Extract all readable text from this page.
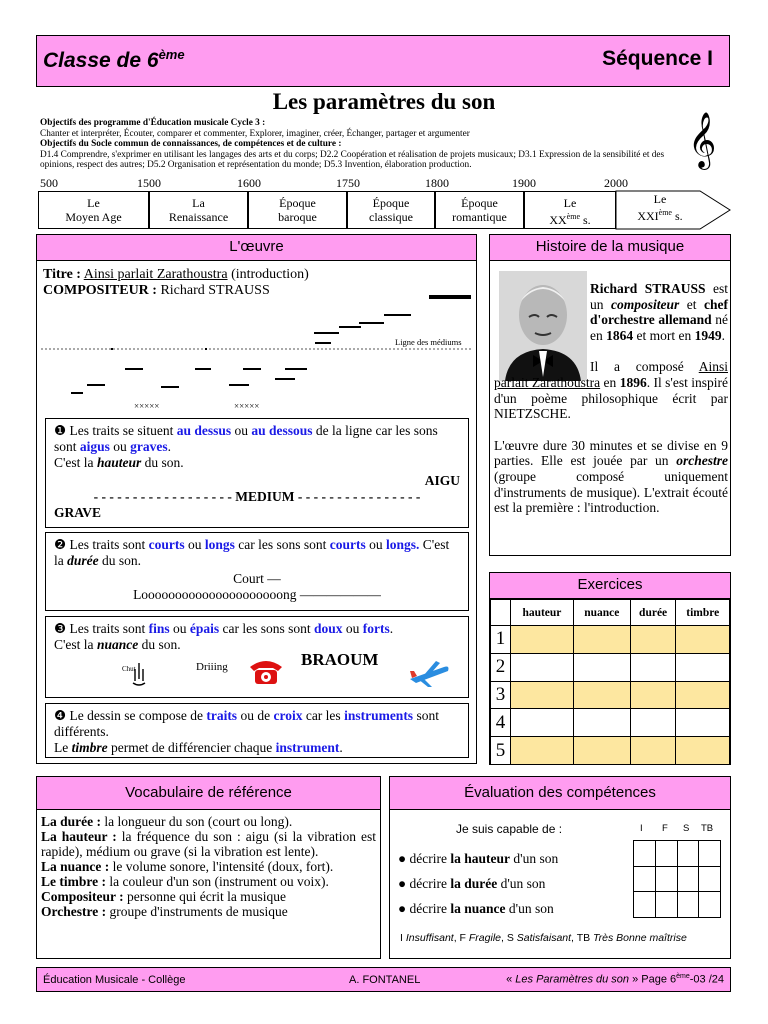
Classe de 6ème	Séquence I
Les paramètres du son
Objectifs des programme d'Éducation musicale Cycle 3 :
Chanter et interpréter, Écouter, comparer et commenter, Explorer, imaginer, créer, Échanger, partager et argumenter
Objectifs du Socle commun de connaissances, de compétences et de culture :
D1.4 Comprendre, s'exprimer en utilisant les langages des arts et du corps; D2.2 Coopération et réalisation de projets musicaux; D3.1 Expression de la sensibilité et des opinions, respect des autres; D5.2 Organisation et représentation du monde; D5.3 Invention, élaboration production.	𝄞
500	1500	1600	1750	1800	1900	2000
Le
Moyen Age
La
Renaissance
Époque
baroque
Époque
classique
Époque
romantique
Le
XXème s.
Le
XXIème s.
L'œuvre
Titre : Ainsi parlait Zarathoustra (introduction)
COMPOSITEUR : Richard STRAUSS
×××××	×××××
Ligne des médiums
❶ Les traits se situent au dessus ou au dessous de la ligne car les sons sont aigus ou graves.
C'est la hauteur du son.
AIGU
- - - - - - - - - - - - - - - - - - MEDIUM - - - - - - - - - - - - - - - -
GRAVE
❷ Les traits sont courts ou longs car les sons sont courts ou longs. C'est la durée du son.
Court —
Looooooooooooooooooooong ——————
❸ Les traits sont fins ou épais car les sons sont doux ou forts.
C'est la nuance du son.
Chut	Driiing	BRAOUM
❹ Le dessin se compose de traits ou de croix car les instruments sont différents.
Le timbre permet de différencier chaque instrument.
Histoire de la musique
Richard STRAUSS est un compositeur et chef d'orchestre allemand né en 1864 et mort en 1949.
Il a composé Ainsi parlait Zarathoustra en 1896. Il s'est inspiré d'un poème philosophique écrit par NIETZSCHE.
L'œuvre dure 30 minutes et se divise en 9 parties. Elle est jouée par un orchestre (groupe composé uniquement d'instruments de musique). L'extrait écouté est la première : l'introduction.
Exercices
	hauteur	nuance	durée	timbre
1				
2				
3				
4				
5				
Vocabulaire de référence
La durée : la longueur du son (court ou long).
La hauteur : la fréquence du son : aigu (si la vibration est rapide), médium ou grave (si la vibration est lente).
La nuance : le volume sonore, l'intensité (doux, fort).
Le timbre : la couleur d'un son (instrument ou voix).
Compositeur : personne qui écrit la musique
Orchestre : groupe d'instruments de musique
Évaluation des compétences
Je suis capable de :	I F S TB
● décrire la hauteur d'un son
● décrire la durée d'un son
● décrire la nuance d'un son

I Insuffisant, F Fragile, S Satisfaisant, TB Très Bonne maîtrise
Éducation Musicale - Collège	A. FONTANEL	« Les Paramètres du son » Page 6ème-03 /24
